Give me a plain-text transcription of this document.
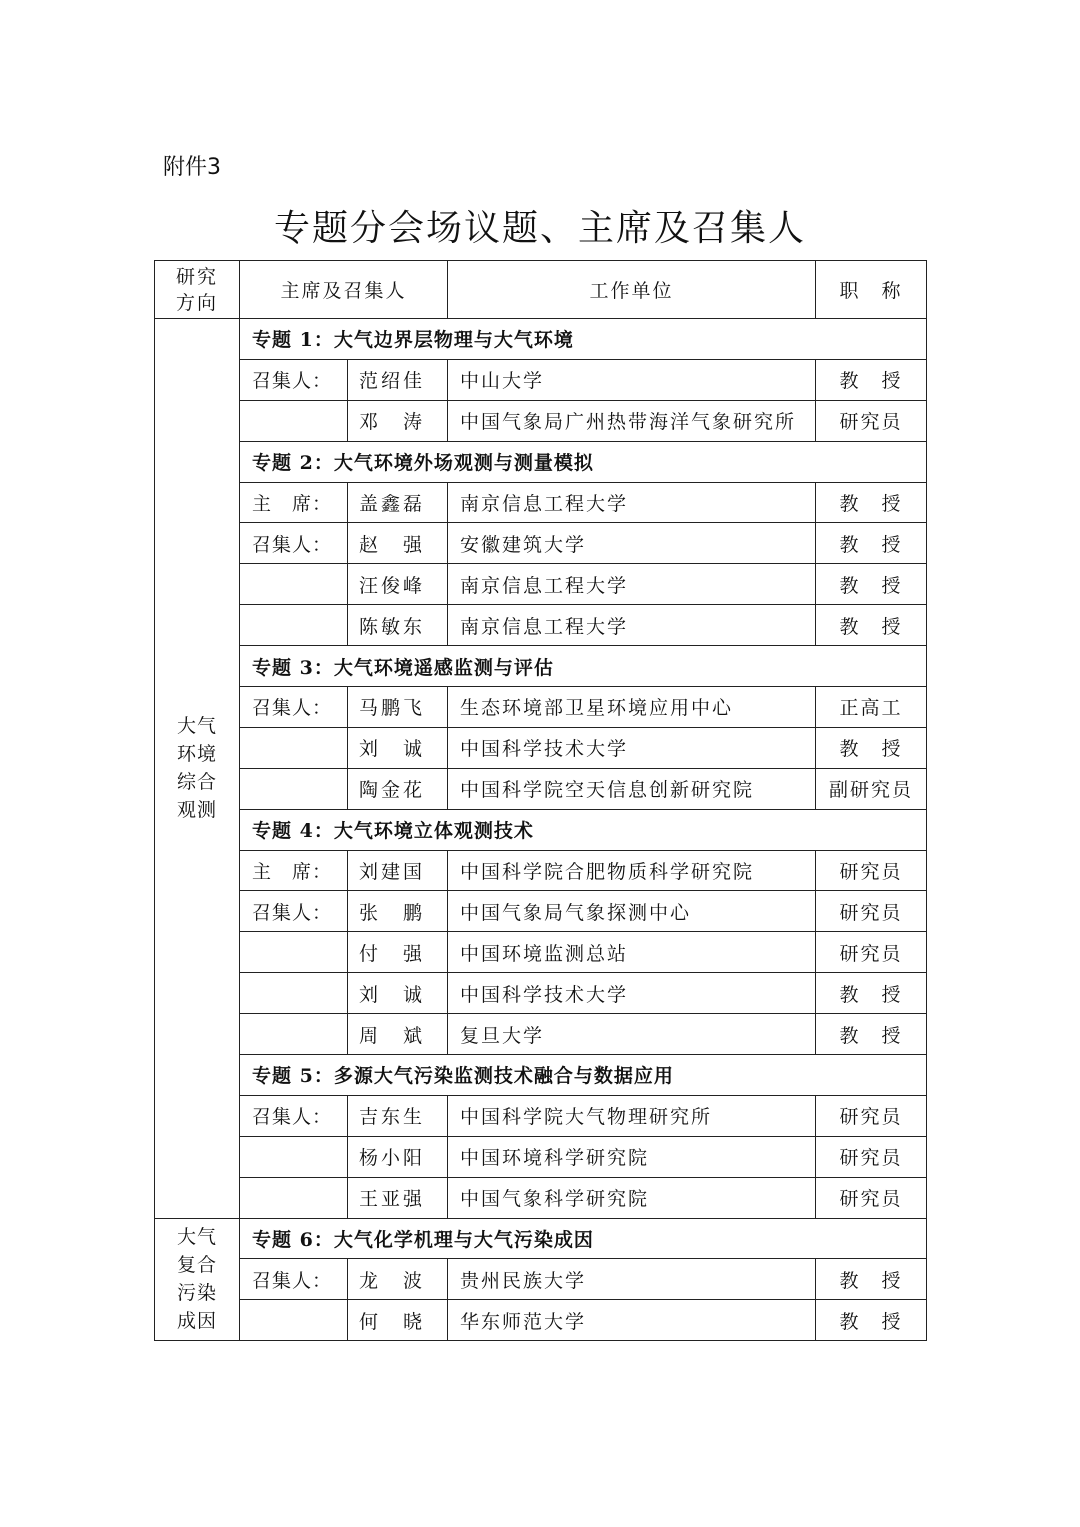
附件3
专题分会场议题、主席及召集人
研究
方向	主席及召集人		工作单位	职　称
大气
环境
综合
观测	专题 1：大气边界层物理与大气环境			
	召集人：	范绍佳	中山大学	教　授
		邓　涛	中国气象局广州热带海洋气象研究所	研究员
	专题 2：大气环境外场观测与测量模拟			
	主　席：	盖鑫磊	南京信息工程大学	教　授
	召集人：	赵　强	安徽建筑大学	教　授
		汪俊峰	南京信息工程大学	教　授
		陈敏东	南京信息工程大学	教　授
	专题 3：大气环境遥感监测与评估			
	召集人：	马鹏飞	生态环境部卫星环境应用中心	正高工
		刘　诚	中国科学技术大学	教　授
		陶金花	中国科学院空天信息创新研究院	副研究员
	专题 4：大气环境立体观测技术			
	主　席：	刘建国	中国科学院合肥物质科学研究院	研究员
	召集人：	张　鹏	中国气象局气象探测中心	研究员
		付　强	中国环境监测总站	研究员
		刘　诚	中国科学技术大学	教　授
		周　斌	复旦大学	教　授
	专题 5：多源大气污染监测技术融合与数据应用			
	召集人：	吉东生	中国科学院大气物理研究所	研究员
		杨小阳	中国环境科学研究院	研究员
		王亚强	中国气象科学研究院	研究员
大气
复合
污染
成因	专题 6：大气化学机理与大气污染成因			
	召集人：	龙　波	贵州民族大学	教　授
		何　晓	华东师范大学	教　授
